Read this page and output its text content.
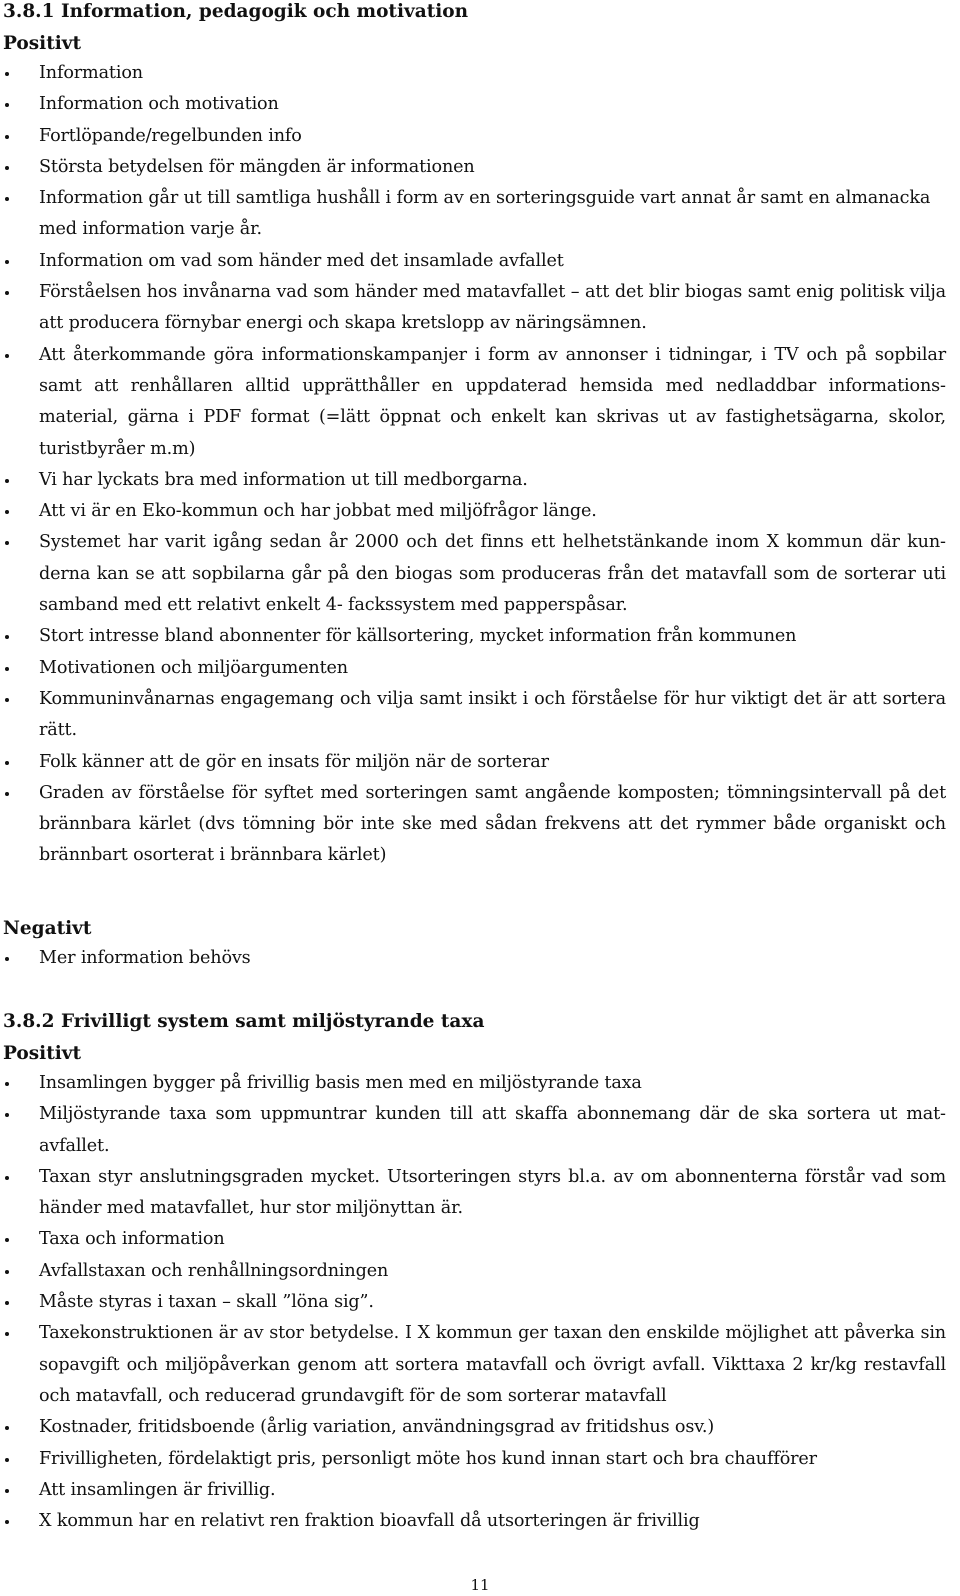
3.8.1 Information, pedagogik och motivation
Positivt
Information
Information och motivation
Fortlöpande/regelbunden info
Största betydelsen för mängden är informationen
Information går ut till samtliga hushåll i form av en sorteringsguide vart annat år samt en almanacka med information varje år.
Information om vad som händer med det insamlade avfallet
Förståelsen hos invånarna vad som händer med matavfallet – att det blir biogas samt enig politisk vilja att producera förnybar energi och skapa kretslopp av näringsämnen.
Att återkommande göra informationskampanjer i form av annonser i tidningar, i TV och på sopbilar samt att renhållaren alltid upprätthåller en uppdaterad hemsida med nedladdbar informationsmaterial, gärna i PDF format (=lätt öppnat och enkelt kan skrivas ut av fastighetsägarna, skolor, turistbyråer m.m)
Vi har lyckats bra med information ut till medborgarna.
Att vi är en Eko-kommun och har jobbat med miljöfrågor länge.
Systemet har varit igång sedan år 2000 och det finns ett helhetstänkande inom X kommun där kunderna kan se att sopbilarna går på den biogas som produceras från det matavfall som de sorterar uti samband med ett relativt enkelt 4- fackssystem med papperspåsar.
Stort intresse bland abonnenter för källsortering, mycket information från kommunen
Motivationen och miljöargumenten
Kommuninvånarnas engagemang och vilja samt insikt i och förståelse för hur viktigt det är att sortera rätt.
Folk känner att de gör en insats för miljön när de sorterar
Graden av förståelse för syftet med sorteringen samt angående komposten; tömningsintervall på det brännbara kärlet (dvs tömning bör inte ske med sådan frekvens att det rymmer både organiskt och brännbart osorterat i brännbara kärlet)
Negativt
Mer information behövs
3.8.2 Frivilligt system samt miljöstyrande taxa
Positivt
Insamlingen bygger på frivillig basis men med en miljöstyrande taxa
Miljöstyrande taxa som uppmuntrar kunden till att skaffa abonnemang där de ska sortera ut matavfallet.
Taxan styr anslutningsgraden mycket. Utsorteringen styrs bl.a. av om abonnenterna förstår vad som händer med matavfallet, hur stor miljönyttan är.
Taxa och information
Avfallstaxan och renhållningsordningen
Måste styras i taxan – skall ”löna sig”.
Taxekonstruktionen är av stor betydelse. I X kommun ger taxan den enskilde möjlighet att påverka sin sopavgift och miljöpåverkan genom att sortera matavfall och övrigt avfall. Vikttaxa 2 kr/kg restavfall och matavfall, och reducerad grundavgift för de som sorterar matavfall
Kostnader, fritidsboende (årlig variation, användningsgrad av fritidshus osv.)
Frivilligheten, fördelaktigt pris, personligt möte hos kund innan start och bra chaufförer
Att insamlingen är frivillig.
X kommun har en relativt ren fraktion bioavfall då utsorteringen är frivillig
11
